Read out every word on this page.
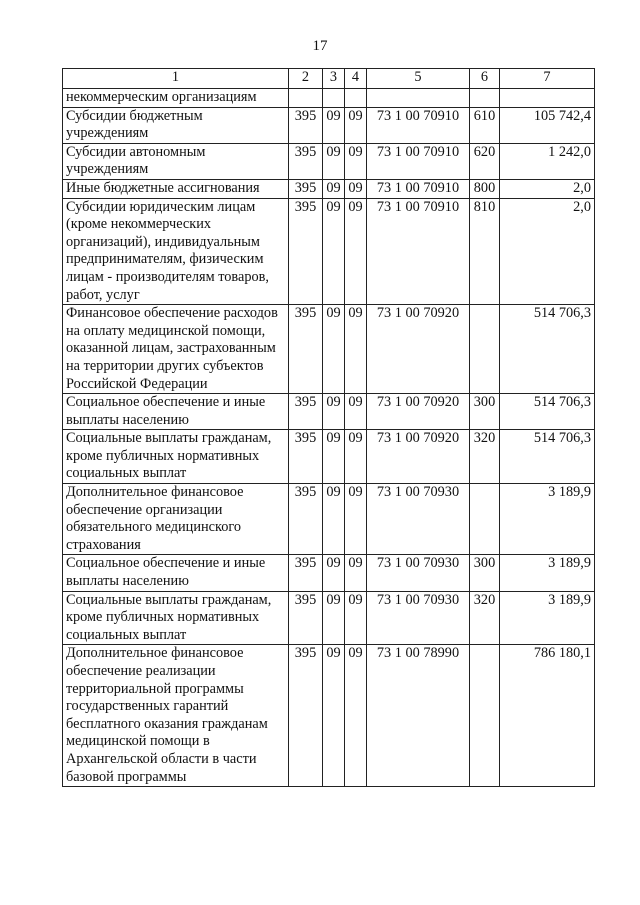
17
1	2	3	4	5	6	7
некоммерческим организациям						
Субсидии бюджетным учреждениям	395	09	09	73 1 00 70910	610	105 742,4
Субсидии автономным учреждениям	395	09	09	73 1 00 70910	620	1 242,0
Иные бюджетные ассигнования	395	09	09	73 1 00 70910	800	2,0
Субсидии юридическим лицам (кроме некоммерческих организаций), индивидуальным предпринимателям, физическим лицам - производителям товаров, работ, услуг	395	09	09	73 1 00 70910	810	2,0
Финансовое обеспечение расходов на оплату медицинской помощи, оказанной лицам, застрахованным на территории других субъектов Российской Федерации	395	09	09	73 1 00 70920		514 706,3
Социальное обеспечение и иные выплаты населению	395	09	09	73 1 00 70920	300	514 706,3
Социальные выплаты гражданам, кроме публичных нормативных социальных выплат	395	09	09	73 1 00 70920	320	514 706,3
Дополнительное финансовое обеспечение организации обязательного медицинского страхования	395	09	09	73 1 00 70930		3 189,9
Социальное обеспечение и иные выплаты населению	395	09	09	73 1 00 70930	300	3 189,9
Социальные выплаты гражданам, кроме публичных нормативных социальных выплат	395	09	09	73 1 00 70930	320	3 189,9
Дополнительное финансовое обеспечение реализации территориальной программы государственных гарантий бесплатного оказания гражданам медицинской помощи в Архангельской области в части базовой программы	395	09	09	73 1 00 78990		786 180,1
